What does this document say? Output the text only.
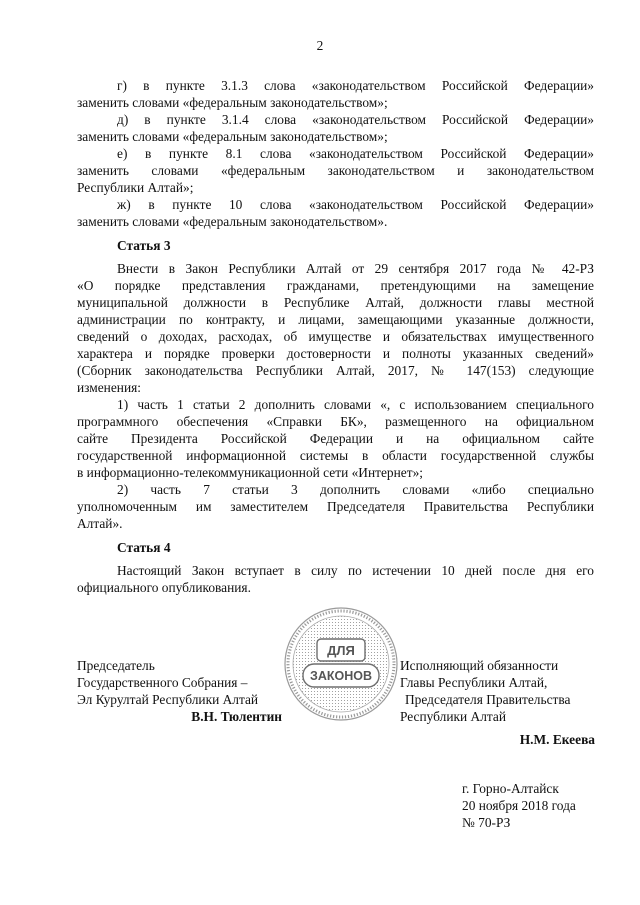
2

г) в пункте 3.1.3 слова «законодательством Российской Федерации»

заменить словами «федеральным законодательством»;

д) в пункте 3.1.4 слова «законодательством Российской Федерации»

заменить словами «федеральным законодательством»;

е) в пункте 8.1 слова «законодательством Российской Федерации»

заменить словами «федеральным законодательством и законодательством

Республики Алтай»;

ж) в пункте 10 слова «законодательством Российской Федерации»

заменить словами «федеральным законодательством».

Статья 3

Внести в Закон Республики Алтай от 29 сентября 2017 года № 42-РЗ

«О порядке представления гражданами, претендующими на замещение

муниципальной должности в Республике Алтай, должности главы местной

администрации по контракту, и лицами, замещающими указанные должности,

сведений о доходах, расходах, об имуществе и обязательствах имущественного

характера и порядке проверки достоверности и полноты указанных сведений»

(Сборник законодательства Республики Алтай, 2017, № 147(153) следующие

изменения:

1) часть 1 статьи 2 дополнить словами «, с использованием специального

программного обеспечения «Справки БК», размещенного на официальном

сайте Президента Российской Федерации и на официальном сайте

государственной информационной системы в области государственной службы

в информационно-телекоммуникационной сети «Интернет»;

2) часть 7 статьи 3 дополнить словами «либо специально

уполномоченным им заместителем Председателя Правительства Республики

Алтай».

Статья 4

Настоящий Закон вступает в силу по истечении 10 дней после дня его

официального опубликования.

ДЛЯ
ЗАКОНОВ
Председатель
Государственного Собрания –
Эл Курултай Республики Алтай
В.Н. Тюлентин
Исполняющий обязанности
Главы Республики Алтай,
Председателя Правительства
Республики Алтай
Н.М. Екеева
г. Горно-Алтайск
20 ноября 2018 года
№ 70-РЗ
